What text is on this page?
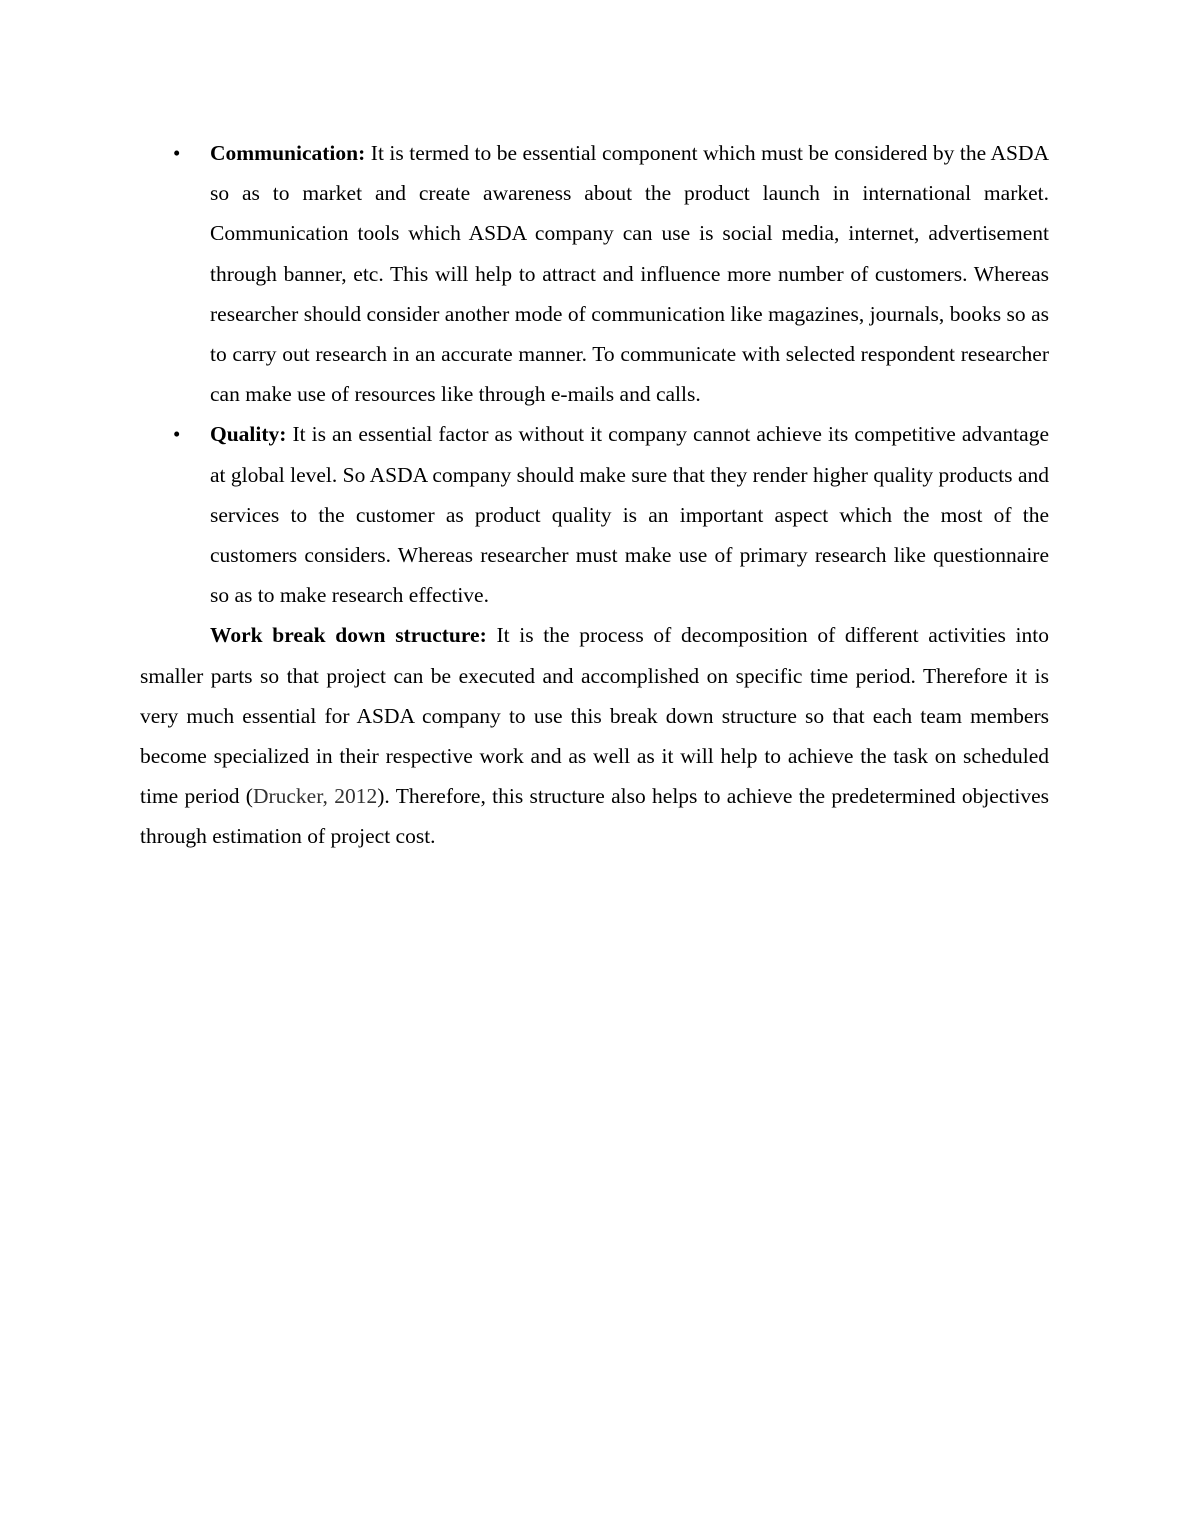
• Communication: It is termed to be essential component which must be considered by the ASDA so as to market and create awareness about the product launch in international market. Communication tools which ASDA company can use is social media, internet, advertisement through banner, etc. This will help to attract and influence more number of customers. Whereas researcher should consider another mode of communication like magazines, journals, books so as to carry out research in an accurate manner. To communicate with selected respondent researcher can make use of resources like through e-mails and calls.
• Quality: It is an essential factor as without it company cannot achieve its competitive advantage at global level. So ASDA company should make sure that they render higher quality products and services to the customer as product quality is an important aspect which the most of the customers considers. Whereas researcher must make use of primary research like questionnaire so as to make research effective.
Work break down structure: It is the process of decomposition of different activities into smaller parts so that project can be executed and accomplished on specific time period. Therefore it is very much essential for ASDA company to use this break down structure so that each team members become specialized in their respective work and as well as it will help to achieve the task on scheduled time period (Drucker, 2012). Therefore, this structure also helps to achieve the predetermined objectives through estimation of project cost.
